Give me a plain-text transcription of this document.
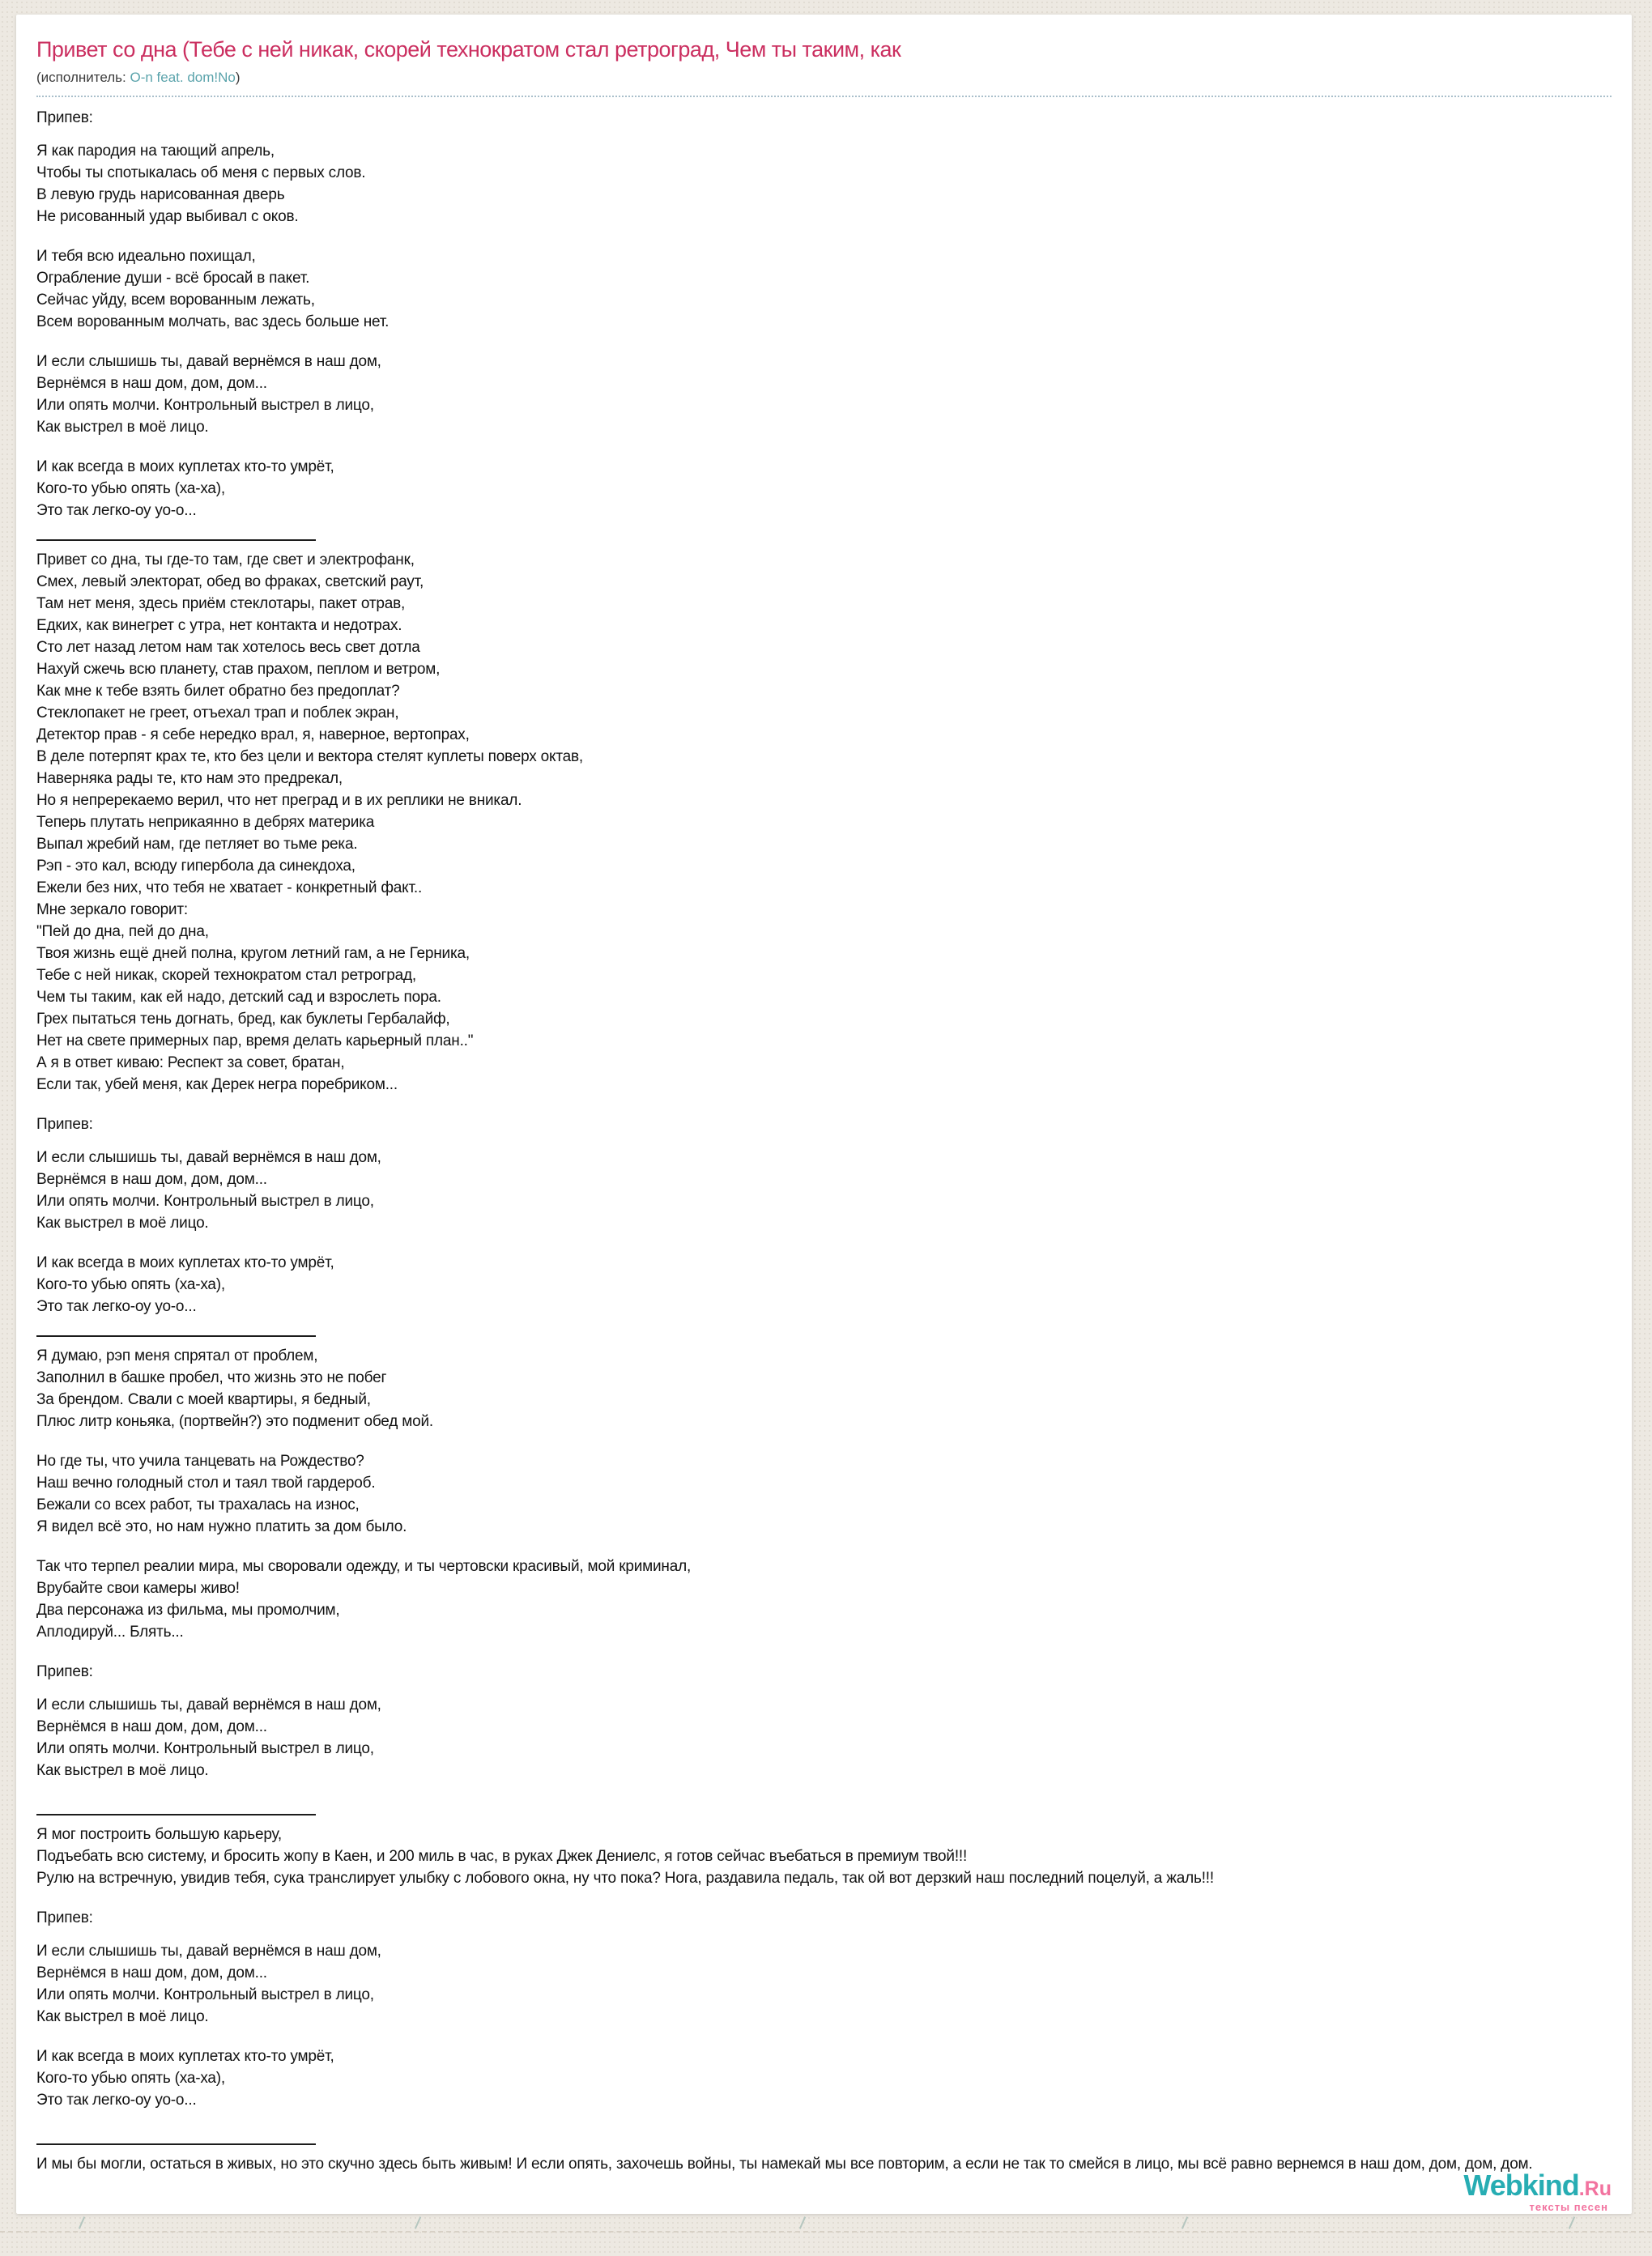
Привет со дна (Тебе с ней никак, скорей технократом стал ретроград, Чем ты таким, как
(исполнитель: O-n feat. dom!No)

Припев:

Я как пародия на тающий апрель,
Чтобы ты спотыкалась об меня с первых слов.
В левую грудь нарисованная дверь
Не рисованный удар выбивал с оков.

И тебя всю идеально похищал,
Ограбление души - всё бросай в пакет.
Сейчас уйду, всем ворованным лежать,
Всем ворованным молчать, вас здесь больше нет.

И если слышишь ты, давай вернёмся в наш дом,
Вернёмся в наш дом, дом, дом...
Или опять молчи. Контрольный выстрел в лицо,
Как выстрел в моё лицо.

И как всегда в моих куплетах кто-то умрёт,
Кого-то убью опять (ха-ха),
Это так легко-оу уо-о...

Привет со дна, ты где-то там, где свет и электрофанк,
Смех, левый электорат, обед во фраках, светский раут,
Там нет меня, здесь приём стеклотары, пакет отрав,
Едких, как винегрет с утра, нет контакта и недотрах.
Сто лет назад летом нам так хотелось весь свет дотла
Нахуй сжечь всю планету, став прахом, пеплом и ветром,
Как мне к тебе взять билет обратно без предоплат?
Стеклопакет не греет, отъехал трап и поблек экран,
Детектор прав - я себе нередко врал, я, наверное, вертопрах,
В деле потерпят крах те, кто без цели и вектора стелят куплеты поверх октав,
Наверняка рады те, кто нам это предрекал,
Но я непререкаемо верил, что нет преград и в их реплики не вникал.
Теперь плутать неприкаянно в дебрях материка
Выпал жребий нам, где петляет во тьме река.
Рэп - это кал, всюду гипербола да синекдоха,
Ежели без них, что тебя не хватает - конкретный факт..
Мне зеркало говорит:
"Пей до дна, пей до дна,
Твоя жизнь ещё дней полна, кругом летний гам, а не Герника,
Тебе с ней никак, скорей технократом стал ретроград,
Чем ты таким, как ей надо, детский сад и взрослеть пора.
Грех пытаться тень догнать, бред, как буклеты Гербалайф,
Нет на свете примерных пар, время делать карьерный план.."
А я в ответ киваю: Респект за совет, братан,
Если так, убей меня, как Дерек негра поребриком...

Припев:

И если слышишь ты, давай вернёмся в наш дом,
Вернёмся в наш дом, дом, дом...
Или опять молчи. Контрольный выстрел в лицо,
Как выстрел в моё лицо.

И как всегда в моих куплетах кто-то умрёт,
Кого-то убью опять (ха-ха),
Это так легко-оу уо-о...

Я думаю, рэп меня спрятал от проблем,
Заполнил в башке пробел, что жизнь это не побег
За брендом. Свали с моей квартиры, я бедный,
Плюс литр коньяка, (портвейн?) это подменит обед мой.

Но где ты, что учила танцевать на Рождество?
Наш вечно голодный стол и таял твой гардероб.
Бежали со всех работ, ты трахалась на износ,
Я видел всё это, но нам нужно платить за дом было.

Так что терпел реалии мира, мы своровали одежду, и ты чертовски красивый, мой криминал,
Врубайте свои камеры живо!
Два персонажа из фильма, мы промолчим,
Аплодируй... Блять...

Припев:

И если слышишь ты, давай вернёмся в наш дом,
Вернёмся в наш дом, дом, дом...
Или опять молчи. Контрольный выстрел в лицо,
Как выстрел в моё лицо.

Я мог построить большую карьеру,
Подъебать всю систему, и бросить жопу в Каен, и 200 миль в час, в руках Джек Дениелс, я готов сейчас въебаться в премиум твой!!!
Рулю на встречную, увидив тебя, сука транслирует улыбку с лобового окна, ну что пока? Нога, раздавила педаль, так ой вот дерзкий наш последний поцелуй, а жаль!!!

Припев:

И если слышишь ты, давай вернёмся в наш дом,
Вернёмся в наш дом, дом, дом...
Или опять молчи. Контрольный выстрел в лицо,
Как выстрел в моё лицо.

И как всегда в моих куплетах кто-то умрёт,
Кого-то убью опять (ха-ха),
Это так легко-оу уо-о...

И мы бы могли, остаться в живых, но это скучно здесь быть живым! И если опять, захочешь войны, ты намекай мы все повторим, а если не так то смейся в лицо, мы всё равно вернемся в наш дом, дом, дом, дом.

Webkind.Ru
тексты песен
